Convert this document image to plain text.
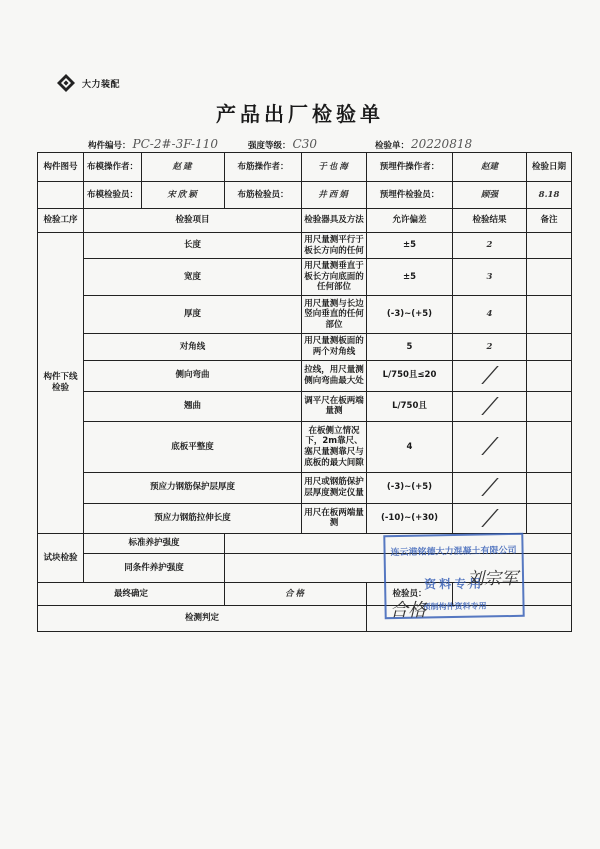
大力装配
产品出厂检验单
构件编号： PC-2#-3F-110	强度等级： C30	检验单： 20220818
构件图号	布模操作者：	赵建	布筋操作者：	于也海	预埋件操作者：	赵建	检验日期
	布模检验员：	宋欣颖	布筋检验员：	井西娟	预埋件检验员：	顾强	8.18
检验工序	检验项目			检验器具及方法	允许偏差	检验结果	备注
构件下线检验	长度			用尺量测平行于板长方向的任何	±5	2	
	宽度			用尺量测垂直于板长方向底面的任何部位	±5	3	
	厚度			用尺量测与长边竖向垂直的任何部位	(-3)~(+5)	4	
	对角线			用尺量测板面的两个对角线	5	2	
	侧向弯曲			拉线，用尺量测侧向弯曲最大处	L/750且≤20	/	
	翘曲			调平尺在板两端量测	L/750且	/	
	底板平整度			在板侧立情况下，2m靠尺、塞尺量测靠尺与底板的最大间隙	4	/	
	预应力钢筋保护层厚度			用尺或钢筋保护层厚度测定仪量	(-3)~(+5)	/	
	预应力钢筋拉伸长度			用尺在板两端量测	(-10)~(+30)	/	
试块检验	标准养护强度						
	同条件养护强度						
最终确定			合格		检验员：		
检测判定							
连云港铭德大力混凝土有限公司
资料专用
预制构件资料专用
刘宗军
合格
